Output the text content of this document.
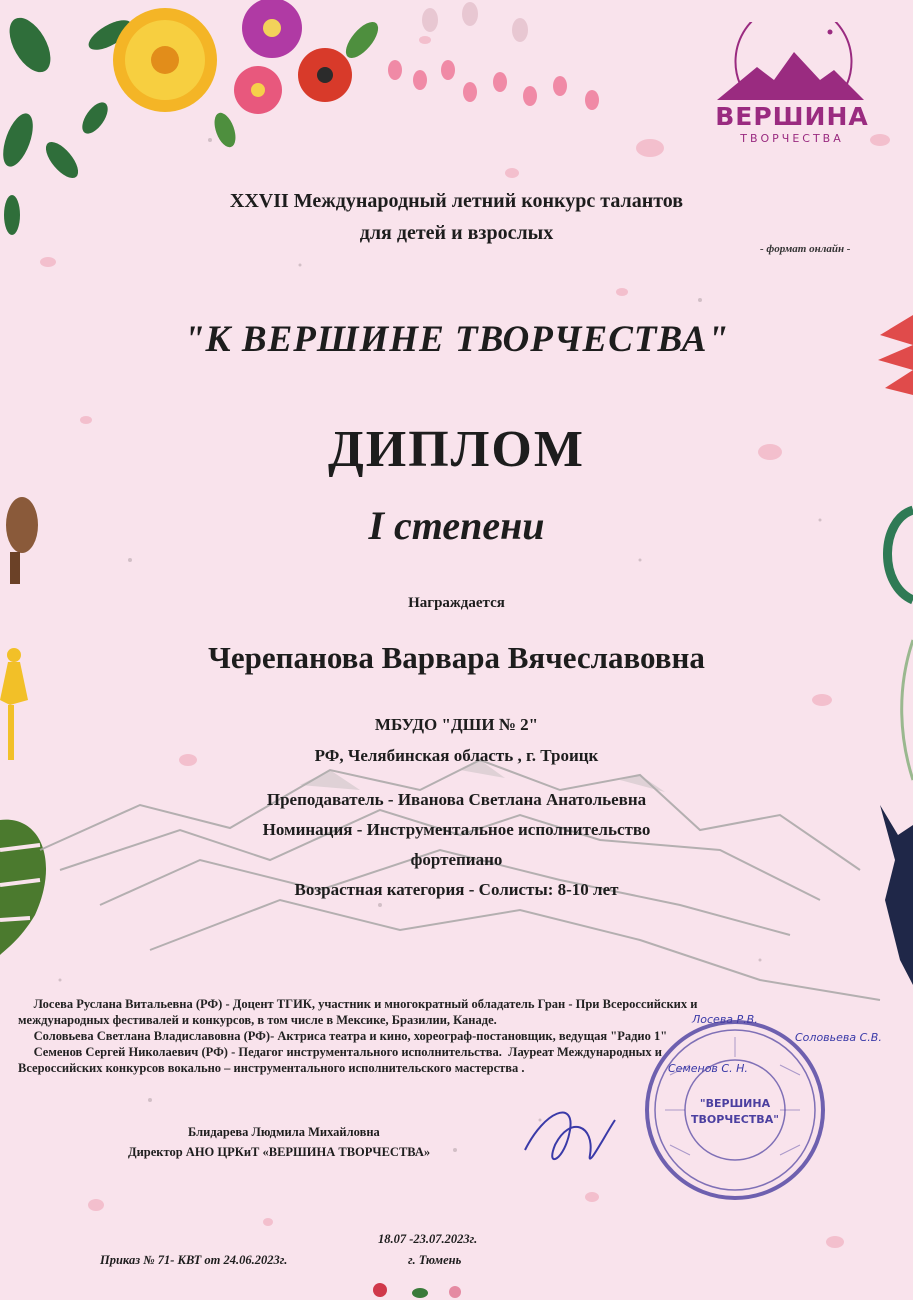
ВЕРШИНА
ТВОРЧЕСТВА
XXVII Международный летний конкурс талантов
для детей и взрослых
- формат онлайн -
"К ВЕРШИНЕ ТВОРЧЕСТВА"
ДИПЛОМ
I степени
Награждается
Черепанова Варвара Вячеславовна
МБУДО "ДШИ № 2"
РФ, Челябинская область , г. Троицк
Преподаватель - Иванова Светлана Анатольевна
Номинация - Инструментальное исполнительство
фортепиано
Возрастная категория - Солисты: 8-10 лет
Лосева Руслана Витальевна (РФ) - Доцент ТГИК, участник и многократный обладатель Гран - При Всероссийских и
международных фестивалей и конкурсов, в том числе в Мексике, Бразилии, Канаде.
Соловьева Светлана Владиславовна (РФ)- Актриса театра и кино, хореограф-постановщик, ведущая "Радио 1"
Семенов Сергей Николаевич (РФ) - Педагог инструментального исполнительства.  Лауреат Международных и
Всероссийских конкурсов вокально – инструментального исполнительского мастерства .
Лосева Р.В.
Соловьева С.В.
Семенов С. Н.
"ВЕРШИНА
ТВОРЧЕСТВА"
Блидарева Людмила Михайловна
Директор АНО ЦРКиТ «ВЕРШИНА ТВОРЧЕСТВА»
18.07 -23.07.2023г.
Приказ № 71- КВТ от 24.06.2023г.	г. Тюмень
